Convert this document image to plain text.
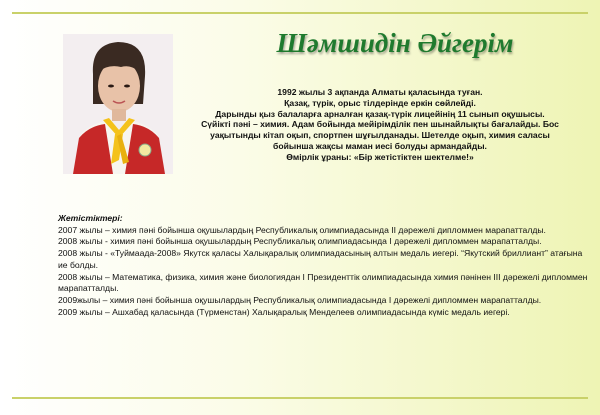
Шәмшидін Әйгерім
1992 жылы 3 ақпанда Алматы қаласында туған.
Қазақ, түрік, орыс тілдерінде еркін сөйлейді.
Дарынды қыз балаларға арналған қазақ-түрік лицейінің 11 сынып оқушысы.
Сүйікті пәні – химия. Адам бойында мейірімділік пен шынайлықты бағалайды. Бос
уақытынды кітап оқып, спортпен шұғылданады. Шетелде оқып, химия саласы
бойынша жақсы маман иесі болуды армандайды.
Өмірлік ұраны: «Бір жетістіктен шектелме!»
Жетістіктері:
2007 жылы – химия пәні бойынша оқушылардың Республикалық олимпиадасында II дәрежелі дипломмен марапатталды.
2008 жылы - химия пәні бойынша оқушылардың Республикалық олимпиадасында I дәрежелі дипломмен марапатталды.
2008 жылы - «Туймаада-2008» Якутск қаласы Халықаралық олимпиадасының алтын медаль иегері. “Якутский бриллиант” атағына ие болды.
2008 жылы – Математика, физика, химия және биологиядан I Президенттік олимпиадасында химия пәнінен III дәрежелі дипломмен марапатталды.
2009жылы – химия пәні бойынша оқушылардың Республикалық олимпиадасында I дәрежелі дипломмен марапатталды.
2009 жылы – Ашхабад қаласында (Түрменстан) Халықаралық Менделеев олимпиадасында күміс медаль иегері.
